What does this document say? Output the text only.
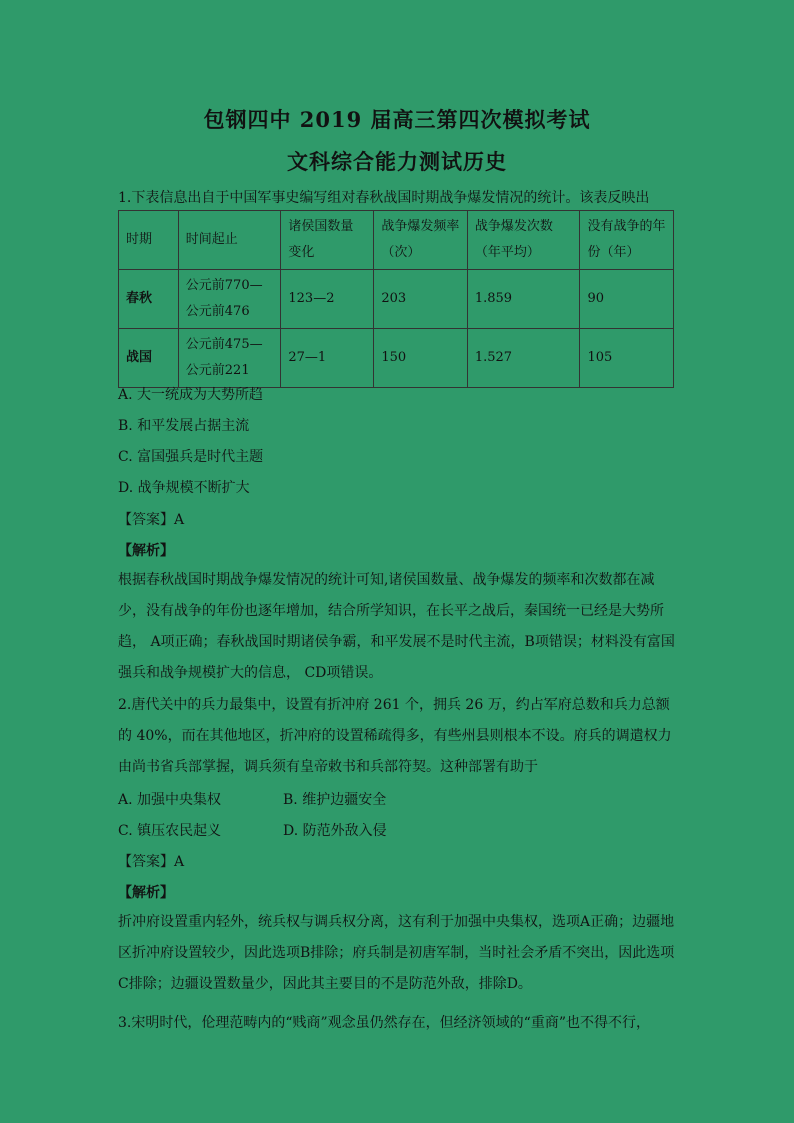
包钢四中 2019 届高三第四次模拟考试
文科综合能力测试历史
1.下表信息出自于中国军事史编写组对春秋战国时期战争爆发情况的统计。该表反映出
时期	时间起止	诸侯国数量变化	战争爆发频率（次）	战争爆发次数（年平均）	没有战争的年份（年）
春秋	公元前770—公元前476	123—2	203	1.859	90
战国	公元前475—公元前221	27—1	150	1.527	105
A. 大一统成为大势所趋
B. 和平发展占据主流
C. 富国强兵是时代主题
D. 战争规模不断扩大
【答案】A
【解析】
根据春秋战国时期战争爆发情况的统计可知,诸侯国数量、战争爆发的频率和次数都在减少，没有战争的年份也逐年增加，结合所学知识，在长平之战后，秦国统一已经是大势所趋， A项正确；春秋战国时期诸侯争霸，和平发展不是时代主流，B项错误；材料没有富国强兵和战争规模扩大的信息， CD项错误。
2.唐代关中的兵力最集中，设置有折冲府 261 个，拥兵 26 万，约占军府总数和兵力总额的 40%，而在其他地区，折冲府的设置稀疏得多，有些州县则根本不设。府兵的调遣权力由尚书省兵部掌握，调兵须有皇帝敕书和兵部符契。这种部署有助于
A. 加强中央集权	B. 维护边疆安全
C. 镇压农民起义	D. 防范外敌入侵
【答案】A
【解析】
折冲府设置重内轻外，统兵权与调兵权分离，这有利于加强中央集权，选项A正确；边疆地区折冲府设置较少，因此选项B排除；府兵制是初唐军制，当时社会矛盾不突出，因此选项C排除；边疆设置数量少，因此其主要目的不是防范外敌，排除D。
3.宋明时代，伦理范畴内的“贱商”观念虽仍然存在，但经济领域的“重商”也不得不行，
